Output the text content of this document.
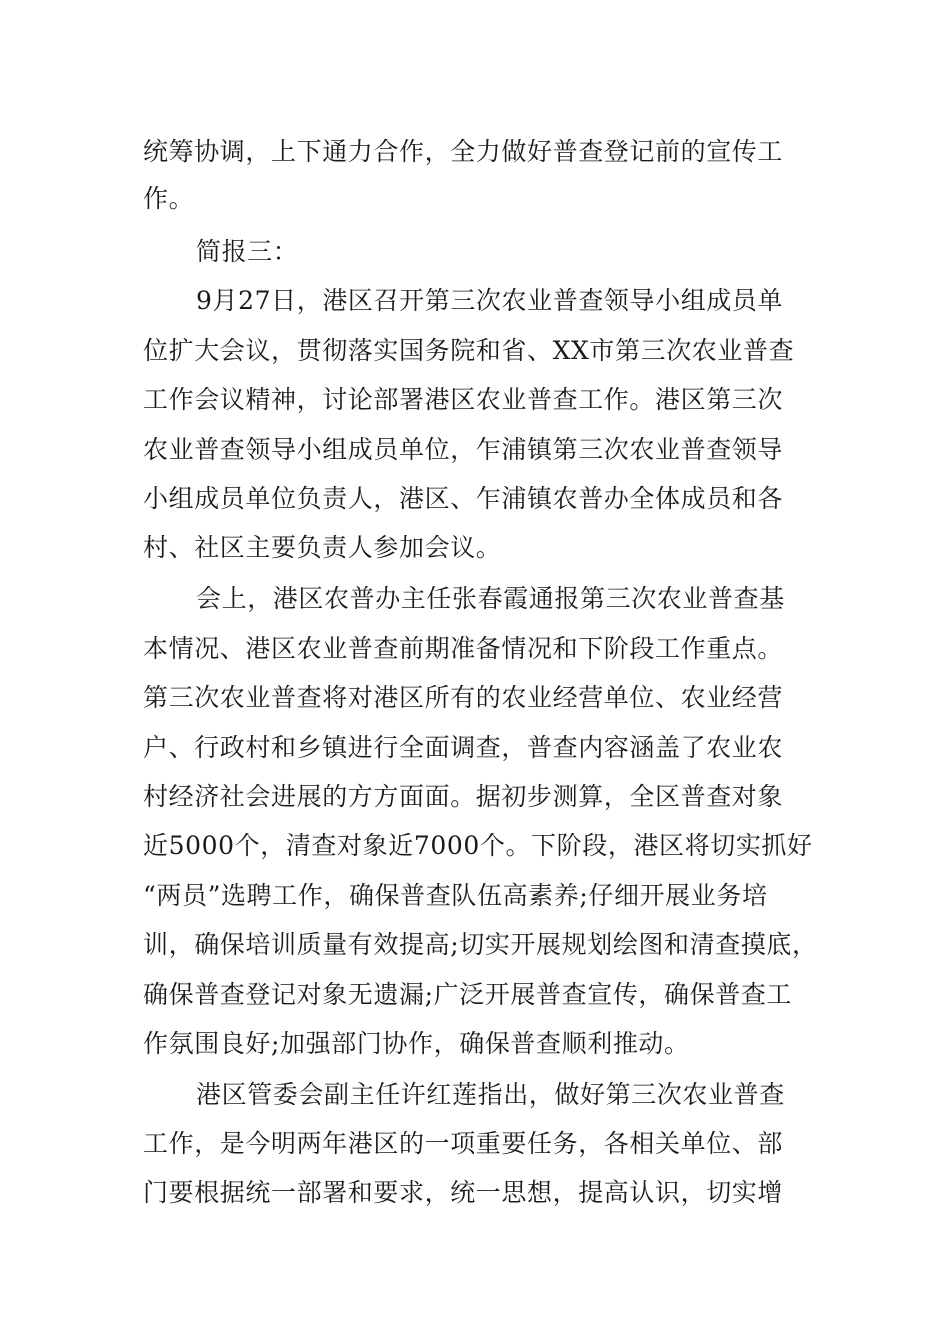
统筹协调，上下通力合作，全力做好普查登记前的宣传工
作。
简报三：
9月27日，港区召开第三次农业普查领导小组成员单
位扩大会议，贯彻落实国务院和省、XX市第三次农业普查
工作会议精神，讨论部署港区农业普查工作。港区第三次
农业普查领导小组成员单位，乍浦镇第三次农业普查领导
小组成员单位负责人，港区、乍浦镇农普办全体成员和各
村、社区主要负责人参加会议。
会上，港区农普办主任张春霞通报第三次农业普查基
本情况、港区农业普查前期准备情况和下阶段工作重点。
第三次农业普查将对港区所有的农业经营单位、农业经营
户、行政村和乡镇进行全面调查，普查内容涵盖了农业农
村经济社会进展的方方面面。据初步测算，全区普查对象
近5000个，清查对象近7000个。下阶段，港区将切实抓好
“两员”选聘工作，确保普查队伍高素养;仔细开展业务培
训，确保培训质量有效提高;切实开展规划绘图和清查摸底，
确保普查登记对象无遗漏;广泛开展普查宣传，确保普查工
作氛围良好;加强部门协作，确保普查顺利推动。
港区管委会副主任许红莲指出，做好第三次农业普查
工作，是今明两年港区的一项重要任务，各相关单位、部
门要根据统一部署和要求，统一思想，提高认识，切实增
